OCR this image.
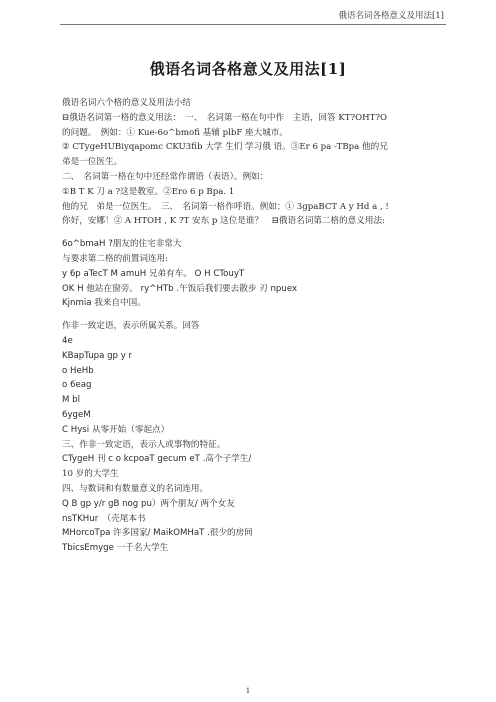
俄语名词各格意义及用法[1]
俄语名词各格意义及用法[1]
俄语名词六个格的意义及用法小结
⊟俄语名词第一格的意义用法：　一、　名词第一格在句中作　主语，回答 KT?OHT?O
的问题。　例如：① Kue-6o^bmofi 基辅 plbF 座大城市。
② CTygeHUBiyqapomc CKU3fib 大学 生们 学习俄 语。③Er 6 pa -TBpa 他的兄
弟是一位医生。
二、　名词第一格在句中还经常作谓语（表语）。例如：
①B T K 刀 a ?这是教室。②Ero 6 p Bpa. 1
他的兄　弟是一位医生。　三、　名词第一格作呼语。例如：① 3gpaBCT A y Hd a , !
你好，安娜！② A HTOH , K ?T 安东 p 这位是谁？　⊟俄语名词第二格的意义用法:
6o^bmaH ?朋友的住宅非常大
与要求第二格的前置词连用:
y 6p aTecT M amuH 兄弟有车。 O H CTouyT
OK H 他站在窗旁。 ry^HTb .午饭后我们要去散步 刃 npuex
Kjnmia 我来自中国。
作非一致定语，表示所属关系。回答
4e
KBapTupa gp y r
o HeHb
o 6eag
M bl
6ygeM
C Hysi 从零开始（零起点）
三、作非一致定语，表示人或事物的特征。
CTygeH 刊 c o kcpoaT gecum eT .高个子学生/
10 岁的大学生
四、与数词和有数量意义的名词连用。
Q B gp y/r gB nog pu）两个朋友/ 两个女友
nsTKHur　（壳尾本书
MHorcoTpa 许多国家/ MaikOMHaT .很少的房间
TbicsEmyge 一千名大学生
1
